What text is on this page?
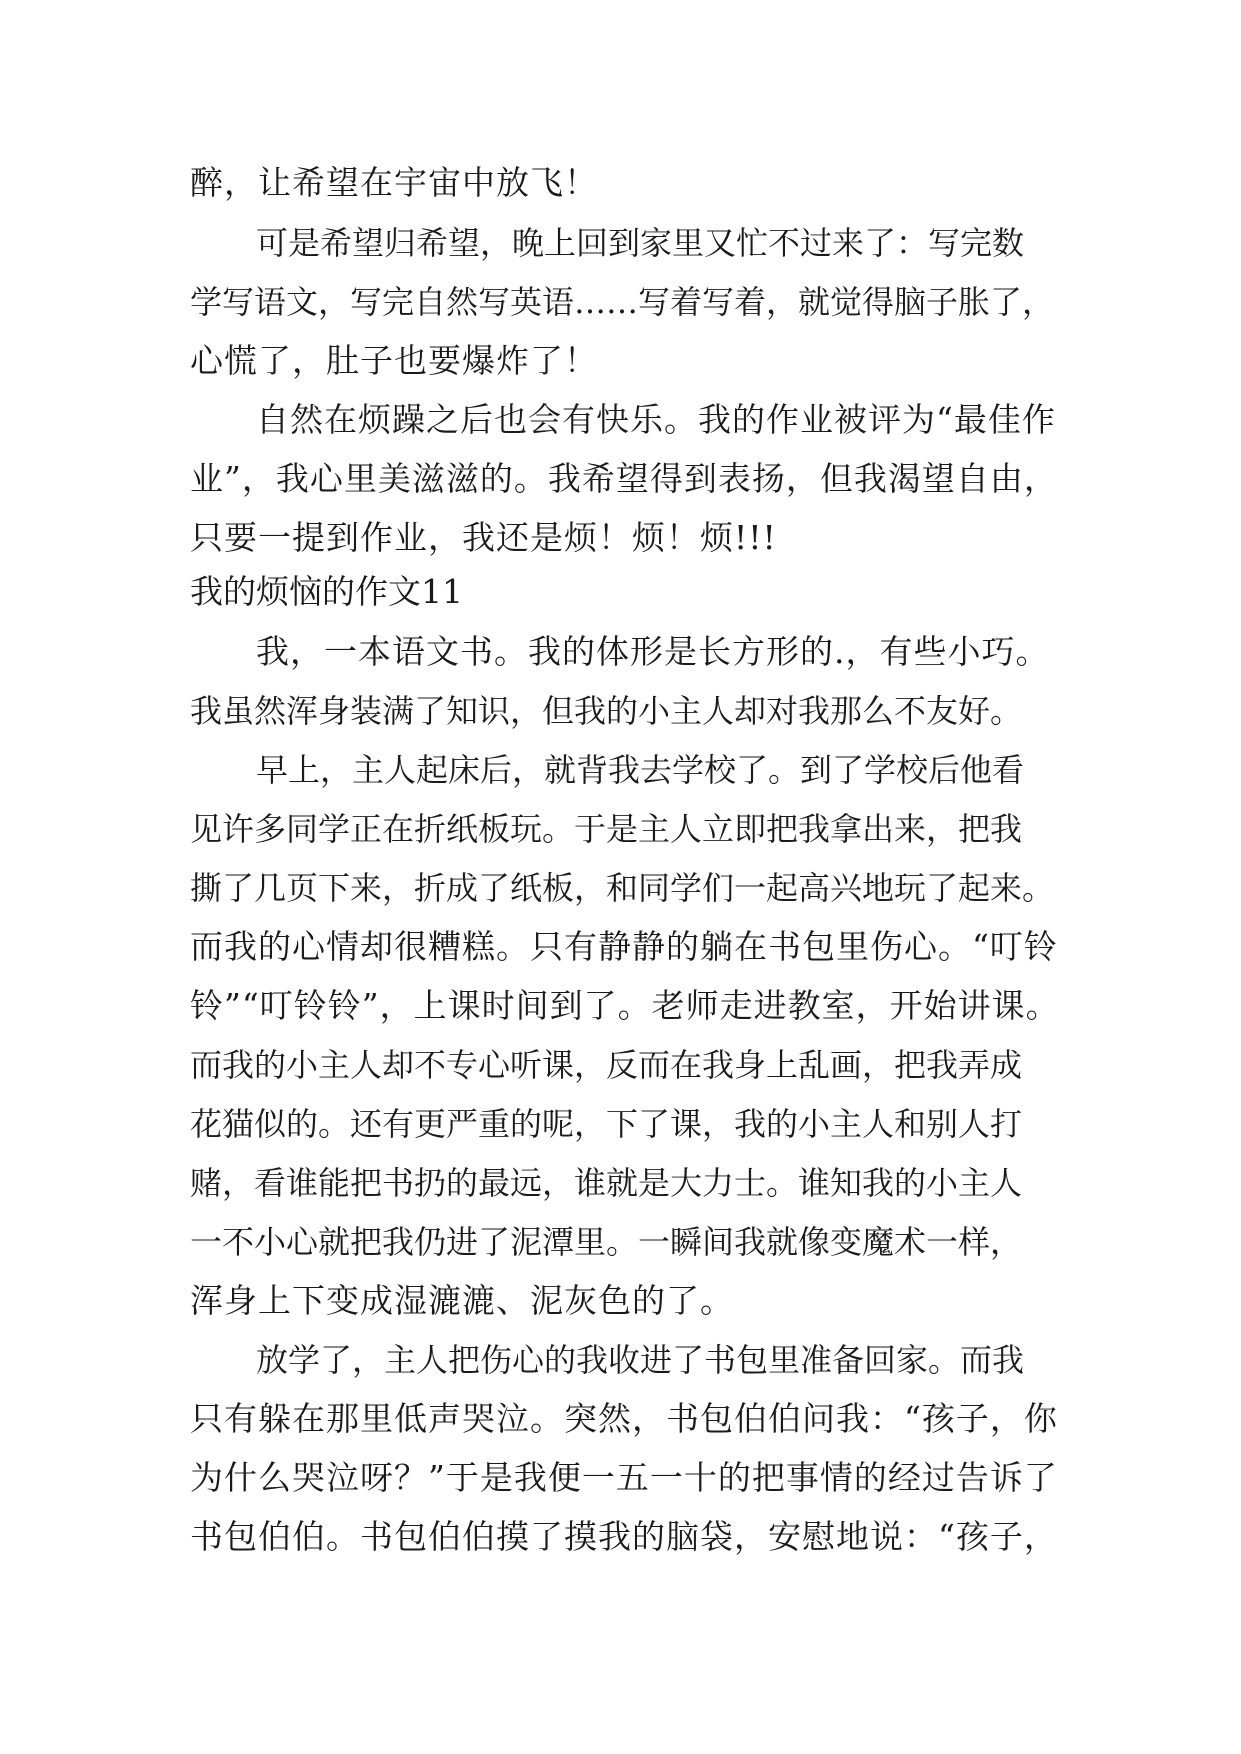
醉，让希望在宇宙中放飞！

可是希望归希望，晚上回到家里又忙不过来了：写完数

学写语文，写完自然写英语……写着写着，就觉得脑子胀了，

心慌了，肚子也要爆炸了！

自然在烦躁之后也会有快乐。我的作业被评为“最佳作

业”，我心里美滋滋的。我希望得到表扬，但我渴望自由，

只要一提到作业，我还是烦！烦！烦!!!

我的烦恼的作文11

我，一本语文书。我的体形是长方形的.，有些小巧。

我虽然浑身装满了知识，但我的小主人却对我那么不友好。

早上，主人起床后，就背我去学校了。到了学校后他看

见许多同学正在折纸板玩。于是主人立即把我拿出来，把我

撕了几页下来，折成了纸板，和同学们一起高兴地玩了起来。

而我的心情却很糟糕。只有静静的躺在书包里伤心。“叮铃

铃”“叮铃铃”，上课时间到了。老师走进教室，开始讲课。

而我的小主人却不专心听课，反而在我身上乱画，把我弄成

花猫似的。还有更严重的呢，下了课，我的小主人和别人打

赌，看谁能把书扔的最远，谁就是大力士。谁知我的小主人

一不小心就把我仍进了泥潭里。一瞬间我就像变魔术一样，

浑身上下变成湿漉漉、泥灰色的了。

放学了，主人把伤心的我收进了书包里准备回家。而我

只有躲在那里低声哭泣。突然，书包伯伯问我：“孩子，你

为什么哭泣呀？”于是我便一五一十的把事情的经过告诉了

书包伯伯。书包伯伯摸了摸我的脑袋，安慰地说：“孩子，
